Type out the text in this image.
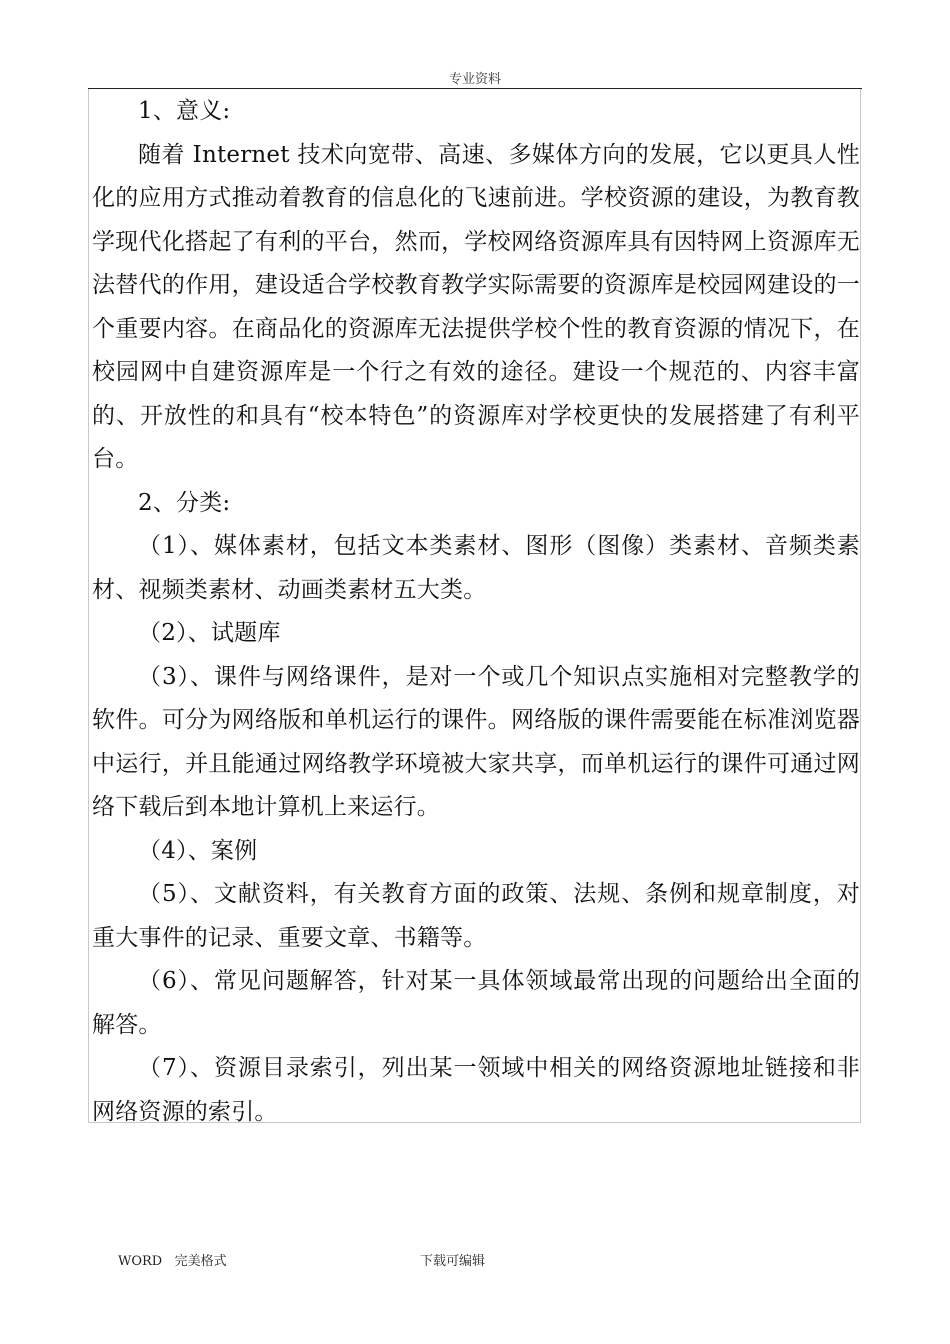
专业资料

1、意义:

随着 Internet 技术向宽带、高速、多媒体方向的发展，它以更具人性化的应用方式推动着教育的信息化的飞速前进。学校资源的建设，为教育教学现代化搭起了有利的平台，然而，学校网络资源库具有因特网上资源库无法替代的作用，建设适合学校教育教学实际需要的资源库是校园网建设的一个重要内容。在商品化的资源库无法提供学校个性的教育资源的情况下，在校园网中自建资源库是一个行之有效的途径。建设一个规范的、内容丰富的、开放性的和具有“校本特色”的资源库对学校更快的发展搭建了有利平台。

2、分类:

（1）、媒体素材，包括文本类素材、图形（图像）类素材、音频类素材、视频类素材、动画类素材五大类。

（2）、试题库

（3）、课件与网络课件，是对一个或几个知识点实施相对完整教学的软件。可分为网络版和单机运行的课件。网络版的课件需要能在标准浏览器中运行，并且能通过网络教学环境被大家共享，而单机运行的课件可通过网络下载后到本地计算机上来运行。

（4）、案例

（5）、文献资料，有关教育方面的政策、法规、条例和规章制度，对重大事件的记录、重要文章、书籍等。

（6）、常见问题解答，针对某一具体领域最常出现的问题给出全面的解答。

（7）、资源目录索引，列出某一领域中相关的网络资源地址链接和非网络资源的索引。

WORD   完美格式	下载可编辑
